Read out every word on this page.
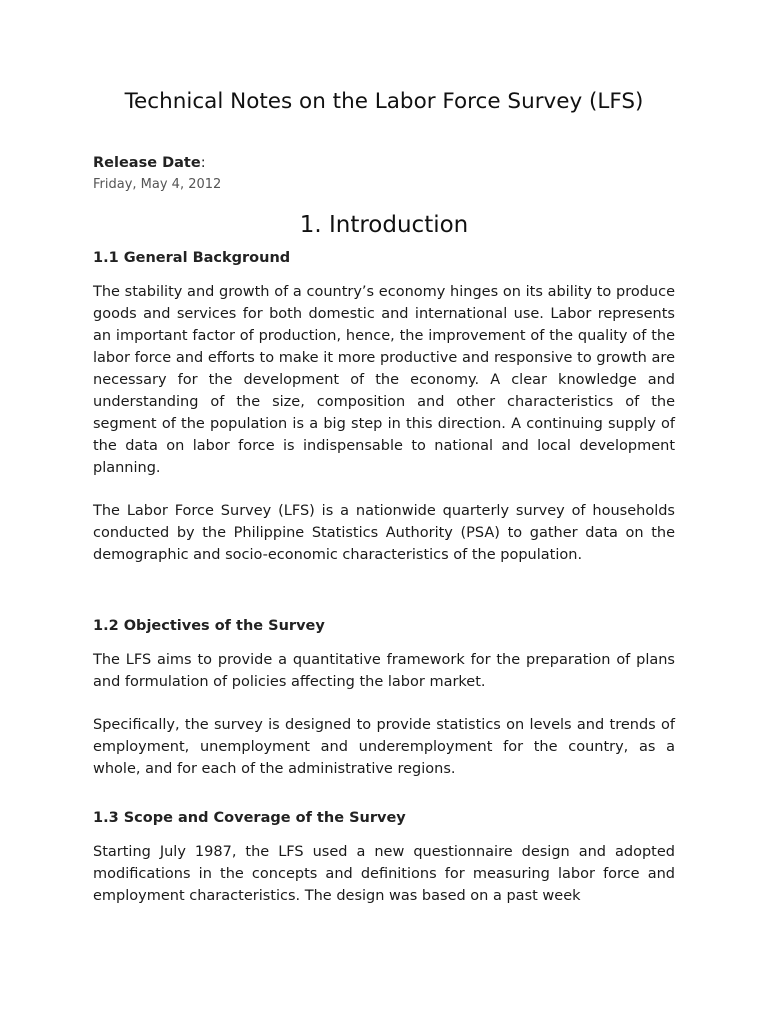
Technical Notes on the Labor Force Survey (LFS)
Release Date:
Friday, May 4, 2012
1. Introduction
1.1 General Background

The stability and growth of a country’s economy hinges on its ability to produce goods and services for both domestic and international use. Labor represents an important factor of production, hence, the improvement of the quality of the labor force and efforts to make it more productive and responsive to growth are necessary for the development of the economy. A clear knowledge and understanding of the size, composition and other characteristics of the segment of the population is a big step in this direction. A continuing supply of the data on labor force is indispensable to national and local development planning.

The Labor Force Survey (LFS) is a nationwide quarterly survey of households conducted by the Philippine Statistics Authority (PSA) to gather data on the demographic and socio-economic characteristics of the population.

1.2 Objectives of the Survey

The LFS aims to provide a quantitative framework for the preparation of plans and formulation of policies affecting the labor market.

Specifically, the survey is designed to provide statistics on levels and trends of employment, unemployment and underemployment for the country, as a whole, and for each of the administrative regions.

1.3 Scope and Coverage of the Survey

Starting July 1987, the LFS used a new questionnaire design and adopted modifications in the concepts and definitions for measuring labor force and employment characteristics. The design was based on a past week
